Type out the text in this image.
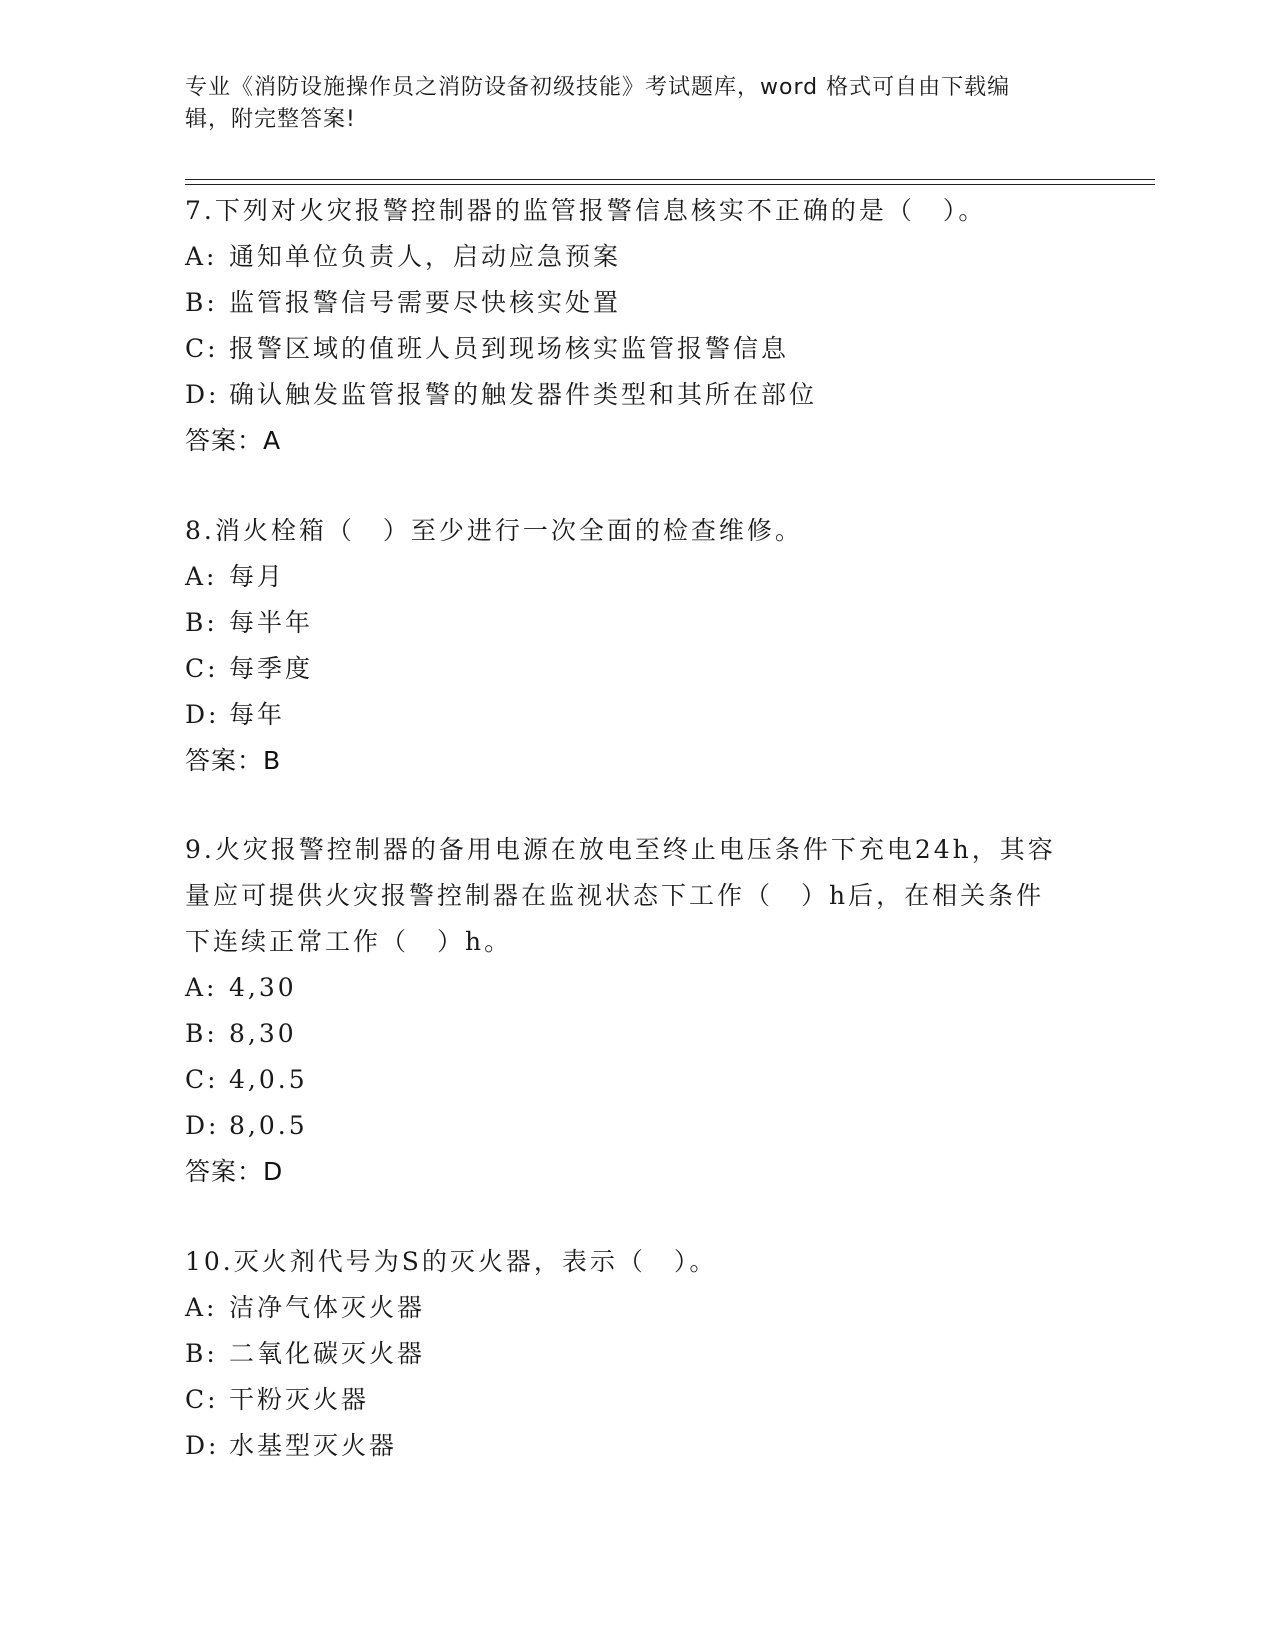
专业《消防设施操作员之消防设备初级技能》考试题库，word 格式可自由下载编
辑，附完整答案!
7.下列对火灾报警控制器的监管报警信息核实不正确的是（　）。
A: 通知单位负责人，启动应急预案
B: 监管报警信号需要尽快核实处置
C: 报警区域的值班人员到现场核实监管报警信息
D: 确认触发监管报警的触发器件类型和其所在部位
答案：A
8.消火栓箱（　）至少进行一次全面的检查维修。
A: 每月
B: 每半年
C: 每季度
D: 每年
答案：B
9.火灾报警控制器的备用电源在放电至终止电压条件下充电24h，其容
量应可提供火灾报警控制器在监视状态下工作（　）h后，在相关条件
下连续正常工作（　）h。
A: 4,30
B: 8,30
C: 4,0.5
D: 8,0.5
答案：D
10.灭火剂代号为S的灭火器，表示（　）。
A: 洁净气体灭火器
B: 二氧化碳灭火器
C: 干粉灭火器
D: 水基型灭火器
